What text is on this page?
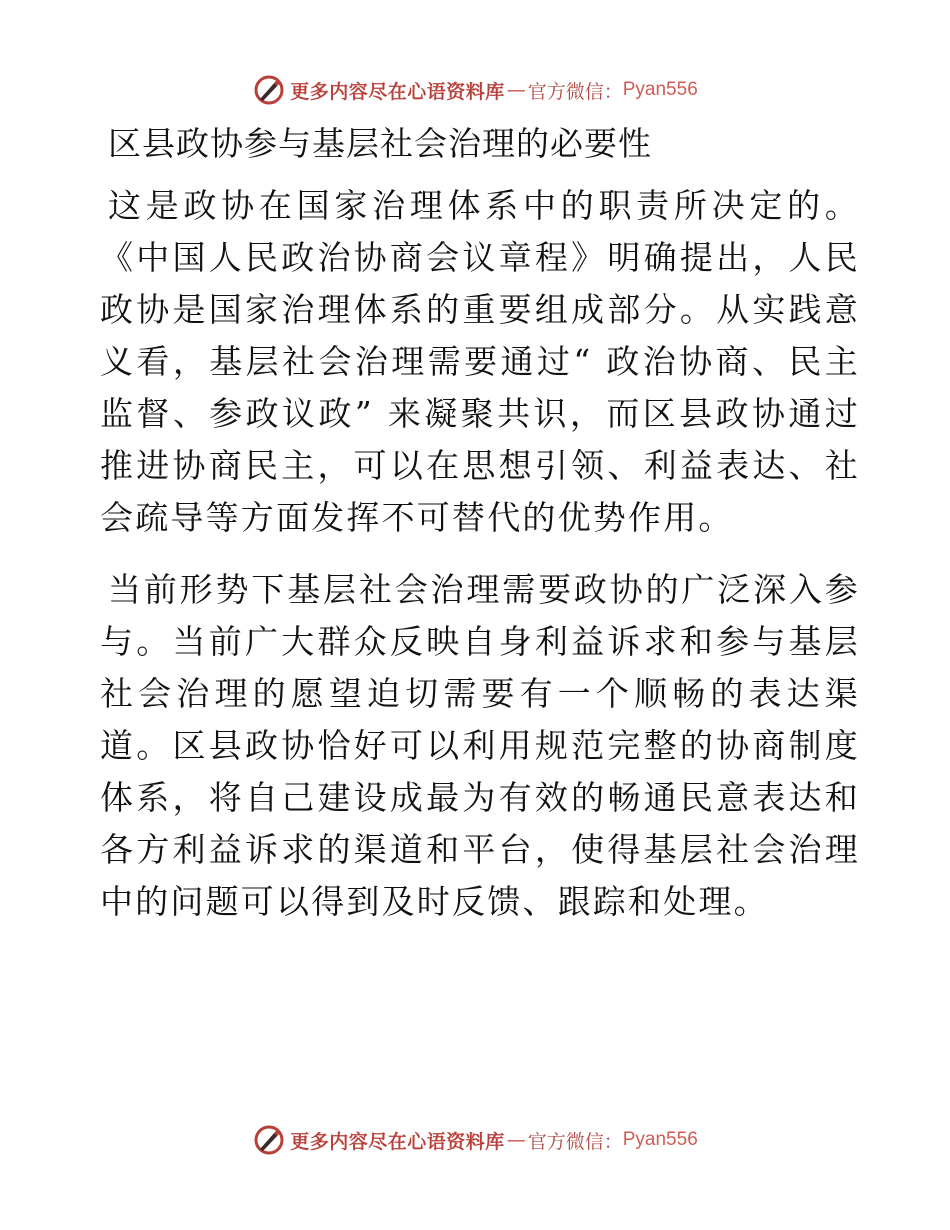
更多内容尽在心语资料库 — 官方微信： Pyan556
区县政协参与基层社会治理的必要性

这是政协在国家治理体系中的职责所决定的。《中国人民政治协商会议章程》明确提出，人民政协是国家治理体系的重要组成部分。从实践意义看，基层社会治理需要通过“ 政治协商、民主监督、参政议政” 来凝聚共识，而区县政协通过推进协商民主，可以在思想引领、利益表达、社会疏导等方面发挥不可替代的优势作用。

当前形势下基层社会治理需要政协的广泛深入参与。当前广大群众反映自身利益诉求和参与基层社会治理的愿望迫切需要有一个顺畅的表达渠道。区县政协恰好可以利用规范完整的协商制度体系，将自己建设成最为有效的畅通民意表达和各方利益诉求的渠道和平台，使得基层社会治理中的问题可以得到及时反馈、跟踪和处理。

更多内容尽在心语资料库 — 官方微信： Pyan556
